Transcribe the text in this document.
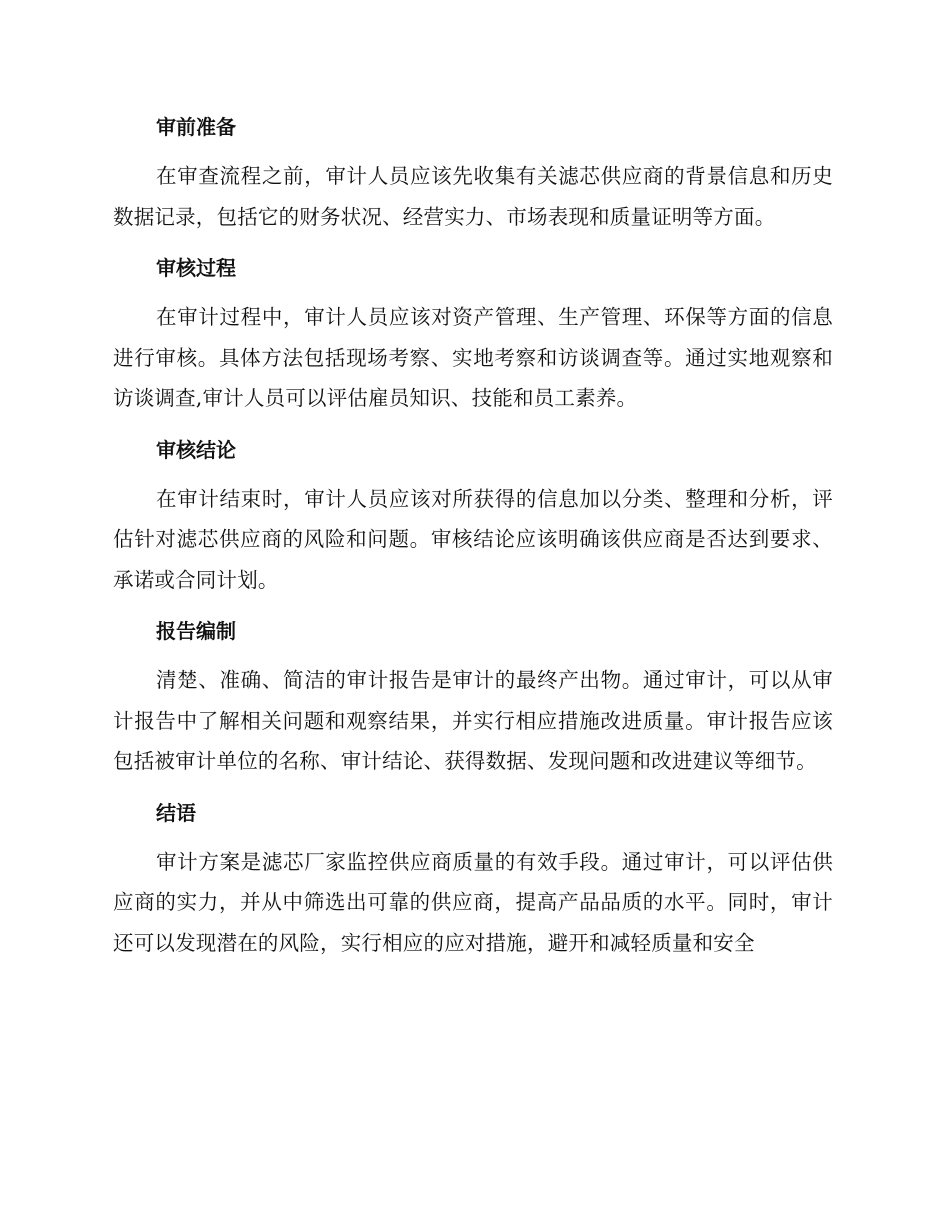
审前准备

在审查流程之前，审计人员应该先收集有关滤芯供应商的背景信息和历史数据记录，包括它的财务状况、经营实力、市场表现和质量证明等方面。

审核过程

在审计过程中，审计人员应该对资产管理、生产管理、环保等方面的信息进行审核。具体方法包括现场考察、实地考察和访谈调查等。通过实地观察和访谈调查,审计人员可以评估雇员知识、技能和员工素养。

审核结论

在审计结束时，审计人员应该对所获得的信息加以分类、整理和分析，评估针对滤芯供应商的风险和问题。审核结论应该明确该供应商是否达到要求、承诺或合同计划。

报告编制

清楚、准确、简洁的审计报告是审计的最终产出物。通过审计，可以从审计报告中了解相关问题和观察结果，并实行相应措施改进质量。审计报告应该包括被审计单位的名称、审计结论、获得数据、发现问题和改进建议等细节。

结语

审计方案是滤芯厂家监控供应商质量的有效手段。通过审计，可以评估供应商的实力，并从中筛选出可靠的供应商，提高产品品质的水平。同时，审计还可以发现潜在的风险，实行相应的应对措施，避开和减轻质量和安全
